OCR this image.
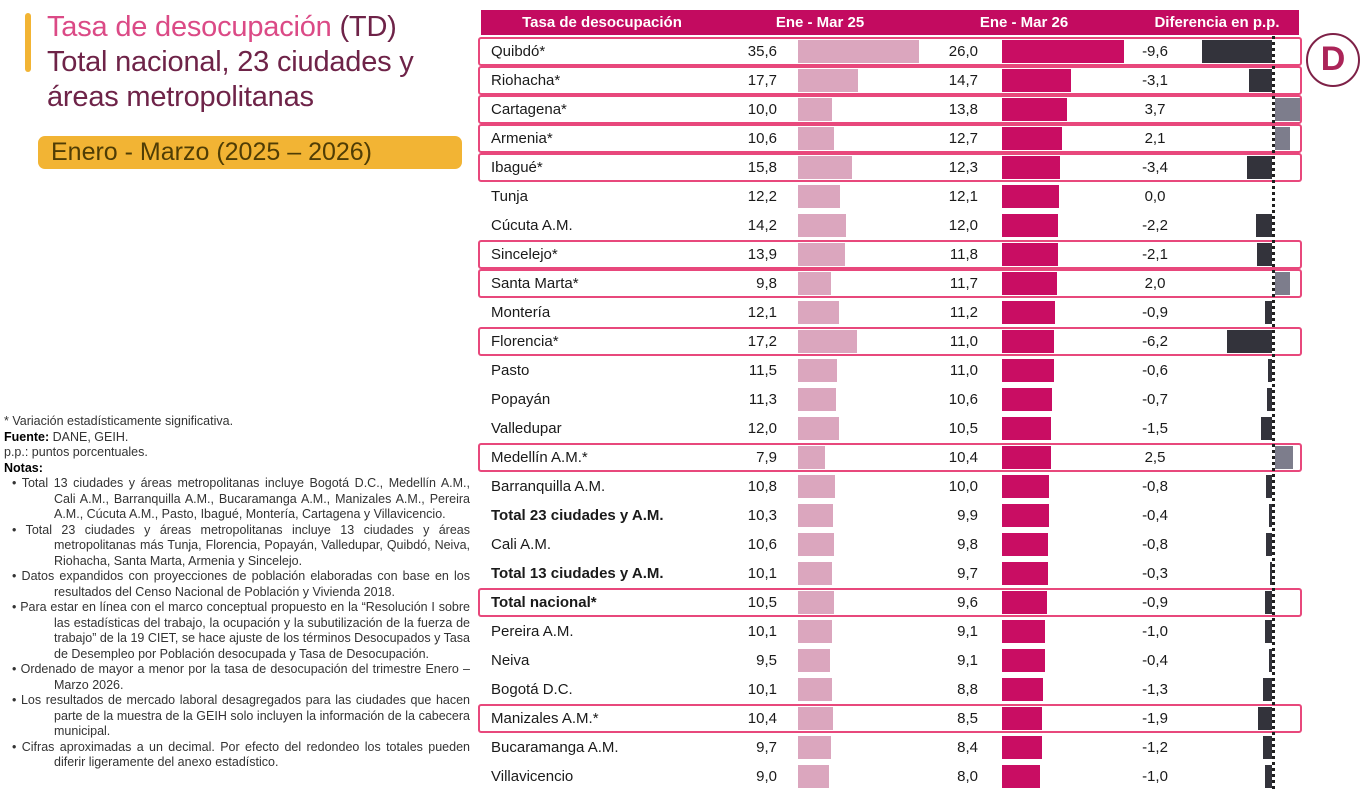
Tasa de desocupación (TD)
Total nacional, 23 ciudades y
áreas metropolitanas
Enero - Marzo (2025 – 2026)

* Variación estadísticamente significativa.

Fuente: DANE, GEIH.

p.p.: puntos porcentuales.

Notas:

• Total 13 ciudades y áreas metropolitanas incluye Bogotá D.C., Medellín A.M., Cali A.M., Barranquilla A.M., Bucaramanga A.M., Manizales A.M., Pereira A.M., Cúcuta A.M., Pasto, Ibagué, Montería, Cartagena y Villavicencio.
• Total 23 ciudades y áreas metropolitanas incluye 13 ciudades y áreas metropolitanas más Tunja, Florencia, Popayán, Valledupar, Quibdó, Neiva, Riohacha, Santa Marta, Armenia y Sincelejo.
• Datos expandidos con proyecciones de población elaboradas con base en los resultados del Censo Nacional de Población y Vivienda 2018.
• Para estar en línea con el marco conceptual propuesto en la “Resolución I sobre las estadísticas del trabajo, la ocupación y la subutilización de la fuerza de trabajo” de la 19 CIET, se hace ajuste de los términos Desocupados y Tasa de Desempleo por Población desocupada y Tasa de Desocupación.
• Ordenado de mayor a menor por la tasa de desocupación del trimestre Enero – Marzo 2026.
• Los resultados de mercado laboral desagregados para las ciudades que hacen parte de la muestra de la GEIH solo incluyen la información de la cabecera municipal.
• Cifras aproximadas a un decimal. Por efecto del redondeo los totales pueden diferir ligeramente del anexo estadístico.
Tasa de desocupación	Ene - Mar 25	Ene - Mar 26	Diferencia en p.p.
Quibdó*	35,6	26,0	-9,6
Riohacha*	17,7	14,7	-3,1
Cartagena*	10,0	13,8	3,7
Armenia*	10,6	12,7	2,1
Ibagué*	15,8	12,3	-3,4
Tunja	12,2	12,1	0,0
Cúcuta A.M.	14,2	12,0	-2,2
Sincelejo*	13,9	11,8	-2,1
Santa Marta*	9,8	11,7	2,0
Montería	12,1	11,2	-0,9
Florencia*	17,2	11,0	-6,2
Pasto	11,5	11,0	-0,6
Popayán	11,3	10,6	-0,7
Valledupar	12,0	10,5	-1,5
Medellín A.M.*	7,9	10,4	2,5
Barranquilla A.M.	10,8	10,0	-0,8
Total 23 ciudades y A.M.	10,3	9,9	-0,4
Cali A.M.	10,6	9,8	-0,8
Total 13 ciudades y A.M.	10,1	9,7	-0,3
Total nacional*	10,5	9,6	-0,9
Pereira A.M.	10,1	9,1	-1,0
Neiva	9,5	9,1	-0,4
Bogotá D.C.	10,1	8,8	-1,3
Manizales A.M.*	10,4	8,5	-1,9
Bucaramanga A.M.	9,7	8,4	-1,2
Villavicencio	9,0	8,0	-1,0
D
